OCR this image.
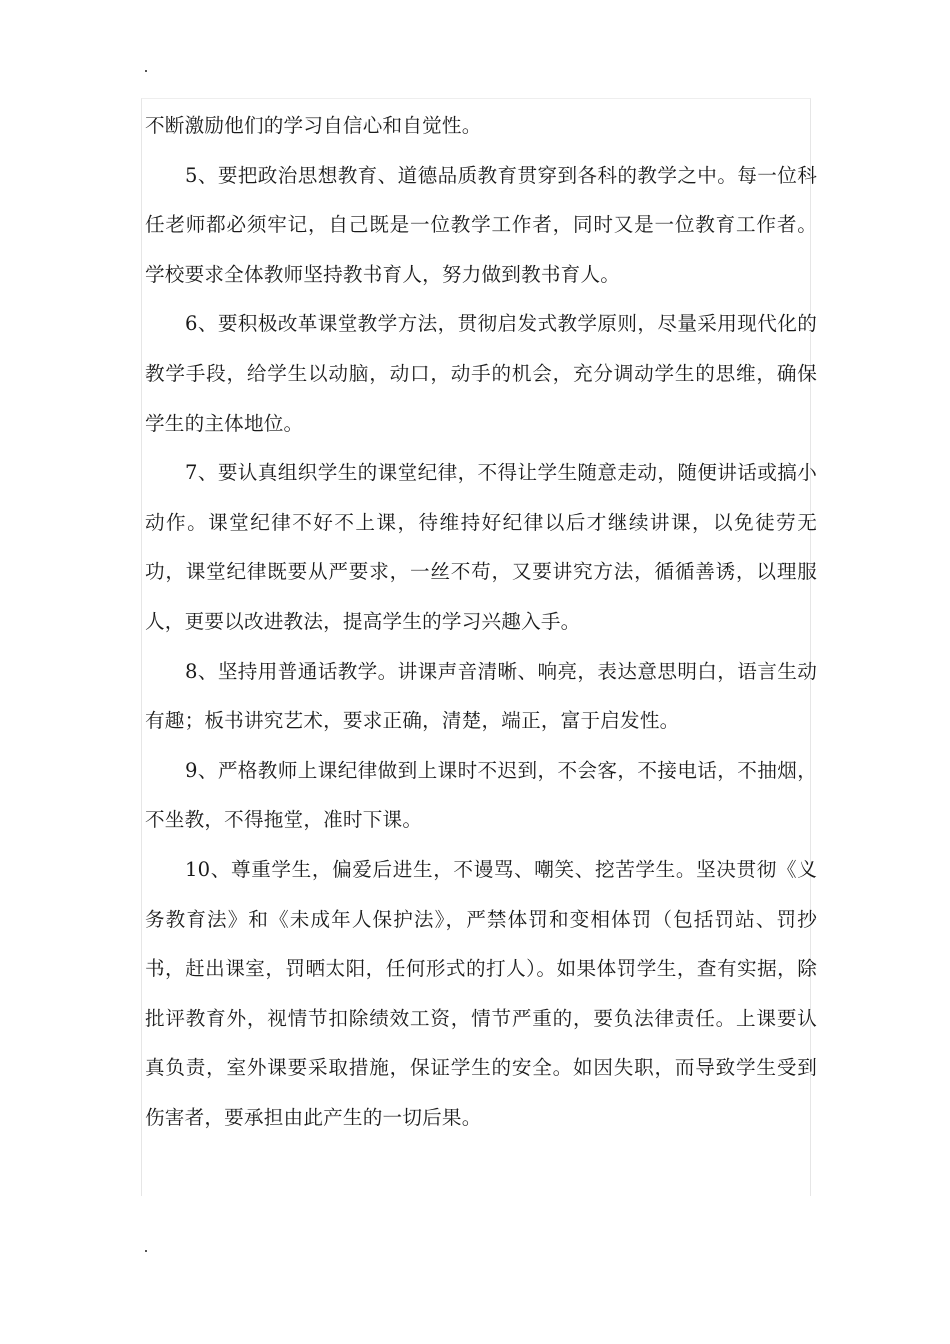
不断激励他们的学习自信心和自觉性。

5、要把政治思想教育、道德品质教育贯穿到各科的教学之中。每一位科任老师都必须牢记，自己既是一位教学工作者，同时又是一位教育工作者。学校要求全体教师坚持教书育人，努力做到教书育人。

6、要积极改革课堂教学方法，贯彻启发式教学原则，尽量采用现代化的教学手段，给学生以动脑，动口，动手的机会，充分调动学生的思维，确保学生的主体地位。

7、要认真组织学生的课堂纪律，不得让学生随意走动，随便讲话或搞小动作。课堂纪律不好不上课，待维持好纪律以后才继续讲课，以免徒劳无功，课堂纪律既要从严要求，一丝不苟，又要讲究方法，循循善诱，以理服人，更要以改进教法，提高学生的学习兴趣入手。

8、坚持用普通话教学。讲课声音清晰、响亮，表达意思明白，语言生动有趣；板书讲究艺术，要求正确，清楚，端正，富于启发性。

9、严格教师上课纪律做到上课时不迟到，不会客，不接电话，不抽烟，不坐教，不得拖堂，准时下课。

10、尊重学生，偏爱后进生，不谩骂、嘲笑、挖苦学生。坚决贯彻《义务教育法》和《未成年人保护法》，严禁体罚和变相体罚（包括罚站、罚抄书，赶出课室，罚晒太阳，任何形式的打人）。如果体罚学生，查有实据，除批评教育外，视情节扣除绩效工资，情节严重的，要负法律责任。上课要认真负责，室外课要采取措施，保证学生的安全。如因失职，而导致学生受到伤害者，要承担由此产生的一切后果。
